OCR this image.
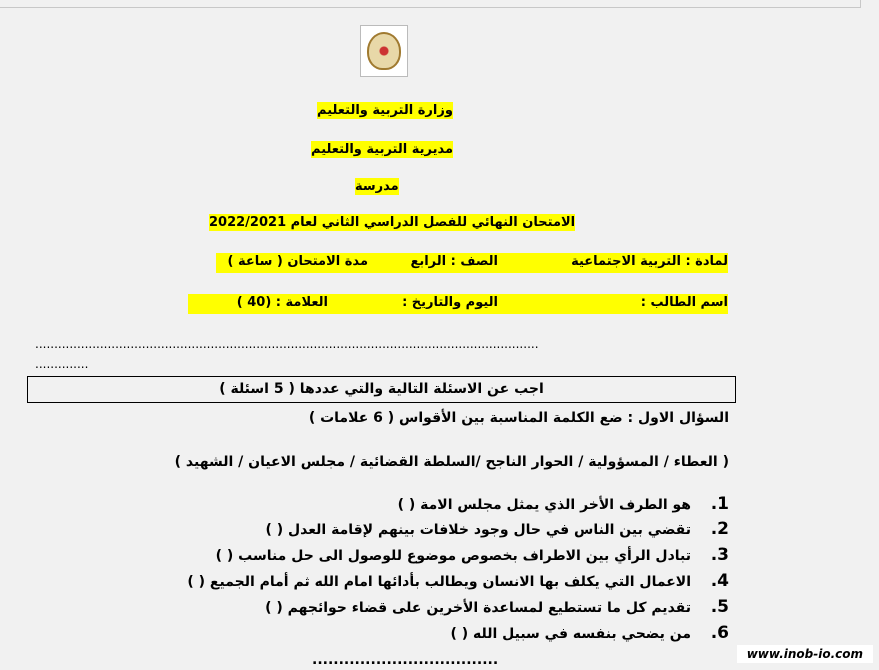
وزارة التربية والتعليم
مديرية التربية والتعليم
مدرسة
الامتحان النهائي للفصل الدراسي الثاني لعام 2022/2021
لمادة : التربية الاجتماعية
الصف : الرابع
مدة الامتحان ( ساعة )
اسم الطالب :
اليوم والتاريخ :
العلامة : (40 )
....................................................................................................................................
..............
اجب عن الاسئلة التالية والتي عددها ( 5 اسئلة )
السؤال الاول : ضع الكلمة المناسبة بين الأقواس ( 6 علامات )
( العطاء / المسؤولية / الحوار الناجح /السلطة القضائية / مجلس الاعيان / الشهيد )
1.هو الطرف الأخر الذي يمثل مجلس الامة ( )
2.تقضي بين الناس في حال وجود خلافات بينهم لإقامة العدل ( )
3.تبادل الرأي بين الاطراف بخصوص موضوع للوصول الى حل مناسب ( )
4.الاعمال التي يكلف بها الانسان ويطالب بأدائها امام الله ثم أمام الجميع ( )
5.تقديم كل ما تستطيع لمساعدة الأخرين على قضاء حوائجهم ( )
6.من يضحي بنفسه في سبيل الله ( )
...................................	www.inob-io.com
